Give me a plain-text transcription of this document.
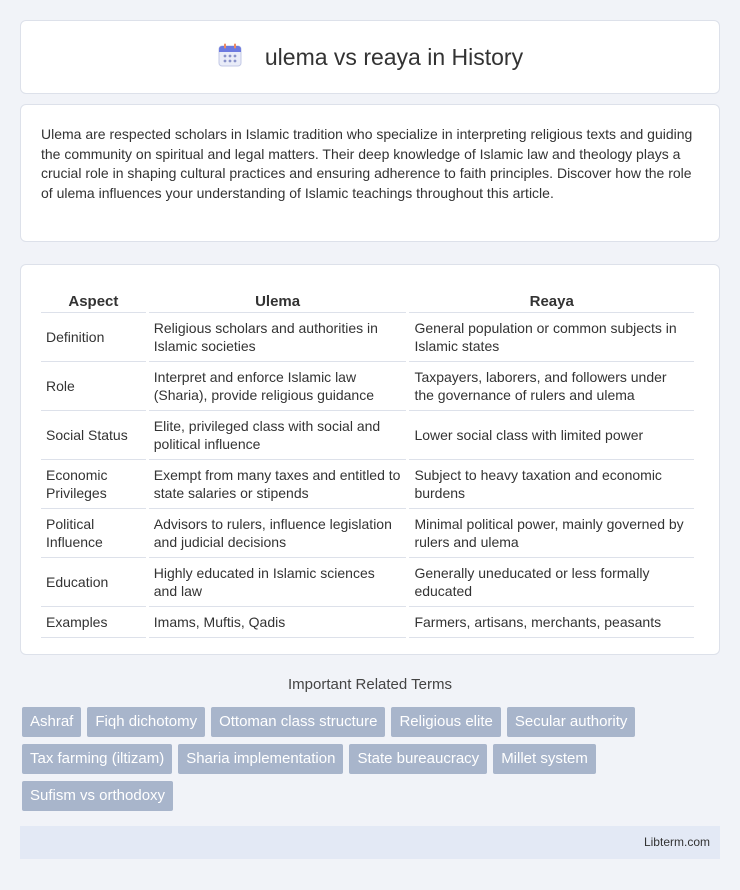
ulema vs reaya in History

Ulema are respected scholars in Islamic tradition who specialize in interpreting religious texts and guiding the community on spiritual and legal matters. Their deep knowledge of Islamic law and theology plays a crucial role in shaping cultural practices and ensuring adherence to faith principles. Discover how the role of ulema influences your understanding of Islamic teachings throughout this article.

Aspect	Ulema	Reaya
Definition	Religious scholars and authorities in Islamic societies	General population or common subjects in Islamic states
Role	Interpret and enforce Islamic law (Sharia), provide religious guidance	Taxpayers, laborers, and followers under the governance of rulers and ulema
Social Status	Elite, privileged class with social and political influence	Lower social class with limited power
Economic Privileges	Exempt from many taxes and entitled to state salaries or stipends	Subject to heavy taxation and economic burdens
Political Influence	Advisors to rulers, influence legislation and judicial decisions	Minimal political power, mainly governed by rulers and ulema
Education	Highly educated in Islamic sciences and law	Generally uneducated or less formally educated
Examples	Imams, Muftis, Qadis	Farmers, artisans, merchants, peasants
Important Related Terms
Ashraf	Fiqh dichotomy	Ottoman class structure	Religious elite	Secular authority
Tax farming (iltizam)	Sharia implementation	State bureaucracy	Millet system
Sufism vs orthodoxy
Libterm.com
